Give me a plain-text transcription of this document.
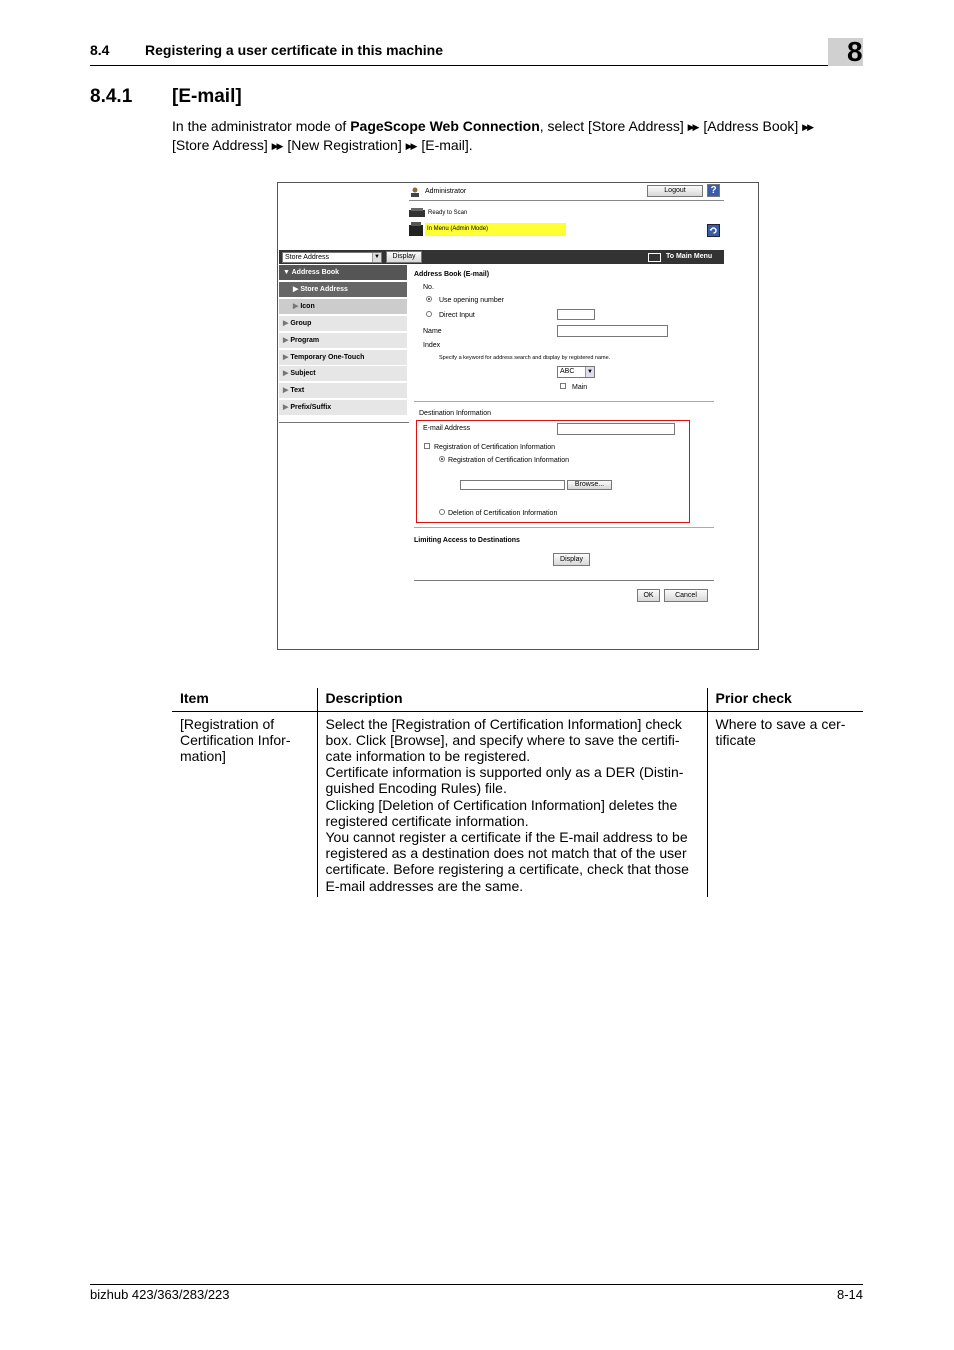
8.4	Registering a user certificate in this machine	8
8.4.1 [E-mail]
In the administrator mode of PageScope Web Connection, select [Store Address] ▶▶ [Address Book] ▶▶
[Store Address] ▶▶ [New Registration] ▶▶ [E-mail].
Administrator	Logout	?
Ready to Scan
In Menu (Admin Mode)
Store Address	▼	Display	To Main Menu
▼ Address Book
▶ Store Address
▶ Icon
▶ Group
▶ Program
▶ Temporary One-Touch
▶ Subject
▶ Text
▶ Prefix/Suffix
Address Book (E-mail)
No.
Use opening number
Direct Input
Name
Index
Specify a keyword for address search and display by registered name.
ABC	▼
Main
Destination Information
E-mail Address
Registration of Certification Information
Registration of Certification Information
Browse...
Deletion of Certification Information
Limiting Access to Destinations
Display
OK	Cancel
Item	Description	Prior check
[Registration of Certification Infor-mation]	Select the [Registration of Certification Information] check box. Click [Browse], and specify where to save the certifi-cate information to be registered.

Certificate information is supported only as a DER (Distin-guished Encoding Rules) file.

Clicking [Deletion of Certification Information] deletes the registered certificate information.

You cannot register a certificate if the E-mail address to be registered as a destination does not match that of the user certificate. Before registering a certificate, check that those E-mail addresses are the same.	Where to save a cer-tificate
bizhub 423/363/283/223	8-14
